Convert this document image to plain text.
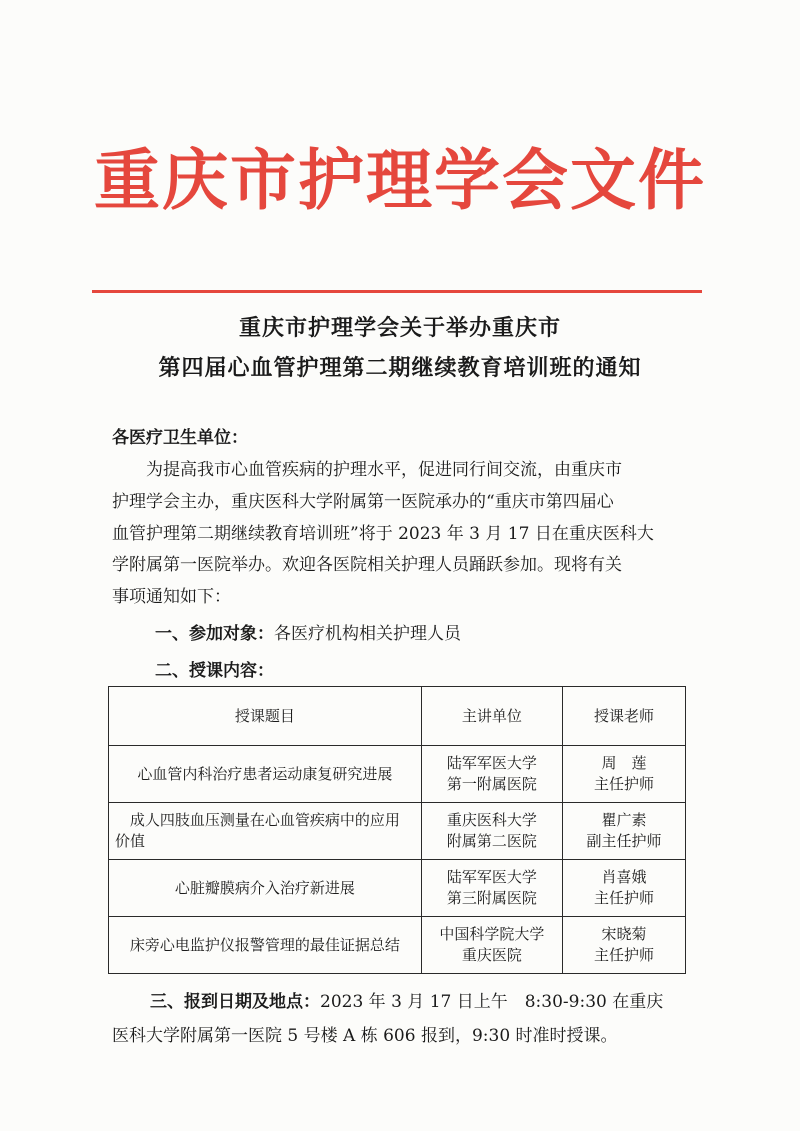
重庆市护理学会文件
重庆市护理学会关于举办重庆市
第四届心血管护理第二期继续教育培训班的通知
各医疗卫生单位：
　　为提高我市心血管疾病的护理水平，促进同行间交流，由重庆市
护理学会主办，重庆医科大学附属第一医院承办的“重庆市第四届心
血管护理第二期继续教育培训班”将于 2023 年 3 月 17 日在重庆医科大
学附属第一医院举办。欢迎各医院相关护理人员踊跃参加。现将有关
事项通知如下：
一、参加对象：各医疗机构相关护理人员
二、授课内容：
授课题目	主讲单位	授课老师

心血管内科治疗患者运动康复研究进展	陆军军医大学
第一附属医院	周　莲
主任护师

成人四肢血压测量在心血管疾病中的应用
价值	重庆医科大学
附属第二医院	瞿广素
副主任护师

心脏瓣膜病介入治疗新进展	陆军军医大学
第三附属医院	肖喜娥
主任护师

床旁心电监护仪报警管理的最佳证据总结	中国科学院大学
重庆医院	宋晓菊
主任护师
三、报到日期及地点：2023 年 3 月 17 日上午　8:30-9:30 在重庆
医科大学附属第一医院 5 号楼 A 栋 606 报到，9:30 时准时授课。
